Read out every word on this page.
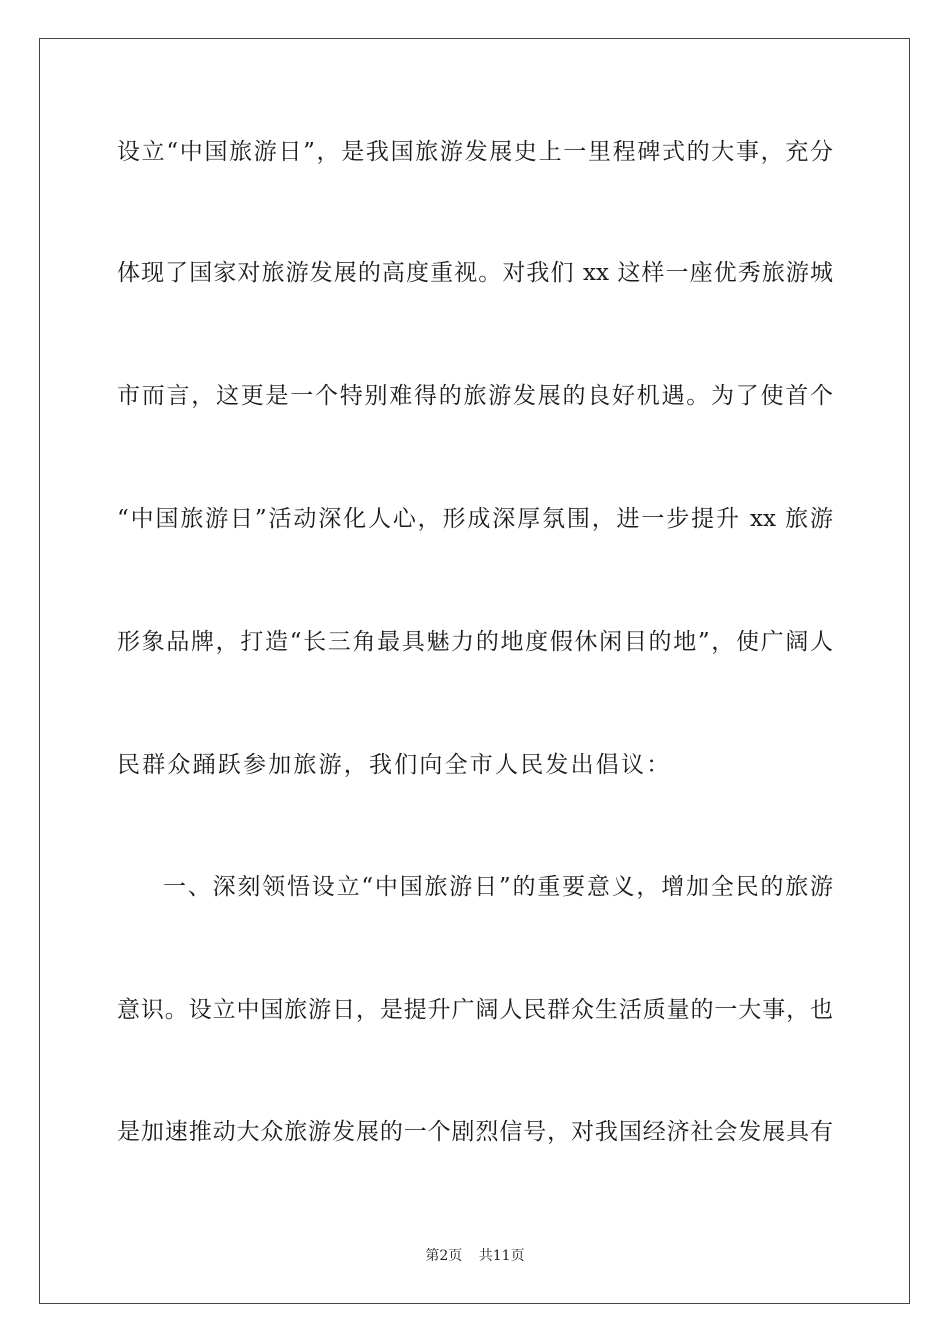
设立“中国旅游日”，是我国旅游发展史上一里程碑式的大事，充分
体现了国家对旅游发展的高度重视。对我们 xx 这样一座优秀旅游城
市而言，这更是一个特别难得的旅游发展的良好机遇。为了使首个
“中国旅游日”活动深化人心，形成深厚氛围，进一步提升 xx 旅游
形象品牌，打造“长三角最具魅力的地度假休闲目的地”，使广阔人
民群众踊跃参加旅游，我们向全市人民发出倡议：
一、深刻领悟设立“中国旅游日”的重要意义，增加全民的旅游
意识。设立中国旅游日，是提升广阔人民群众生活质量的一大事，也
是加速推动大众旅游发展的一个剧烈信号，对我国经济社会发展具有
第2页 共11页
